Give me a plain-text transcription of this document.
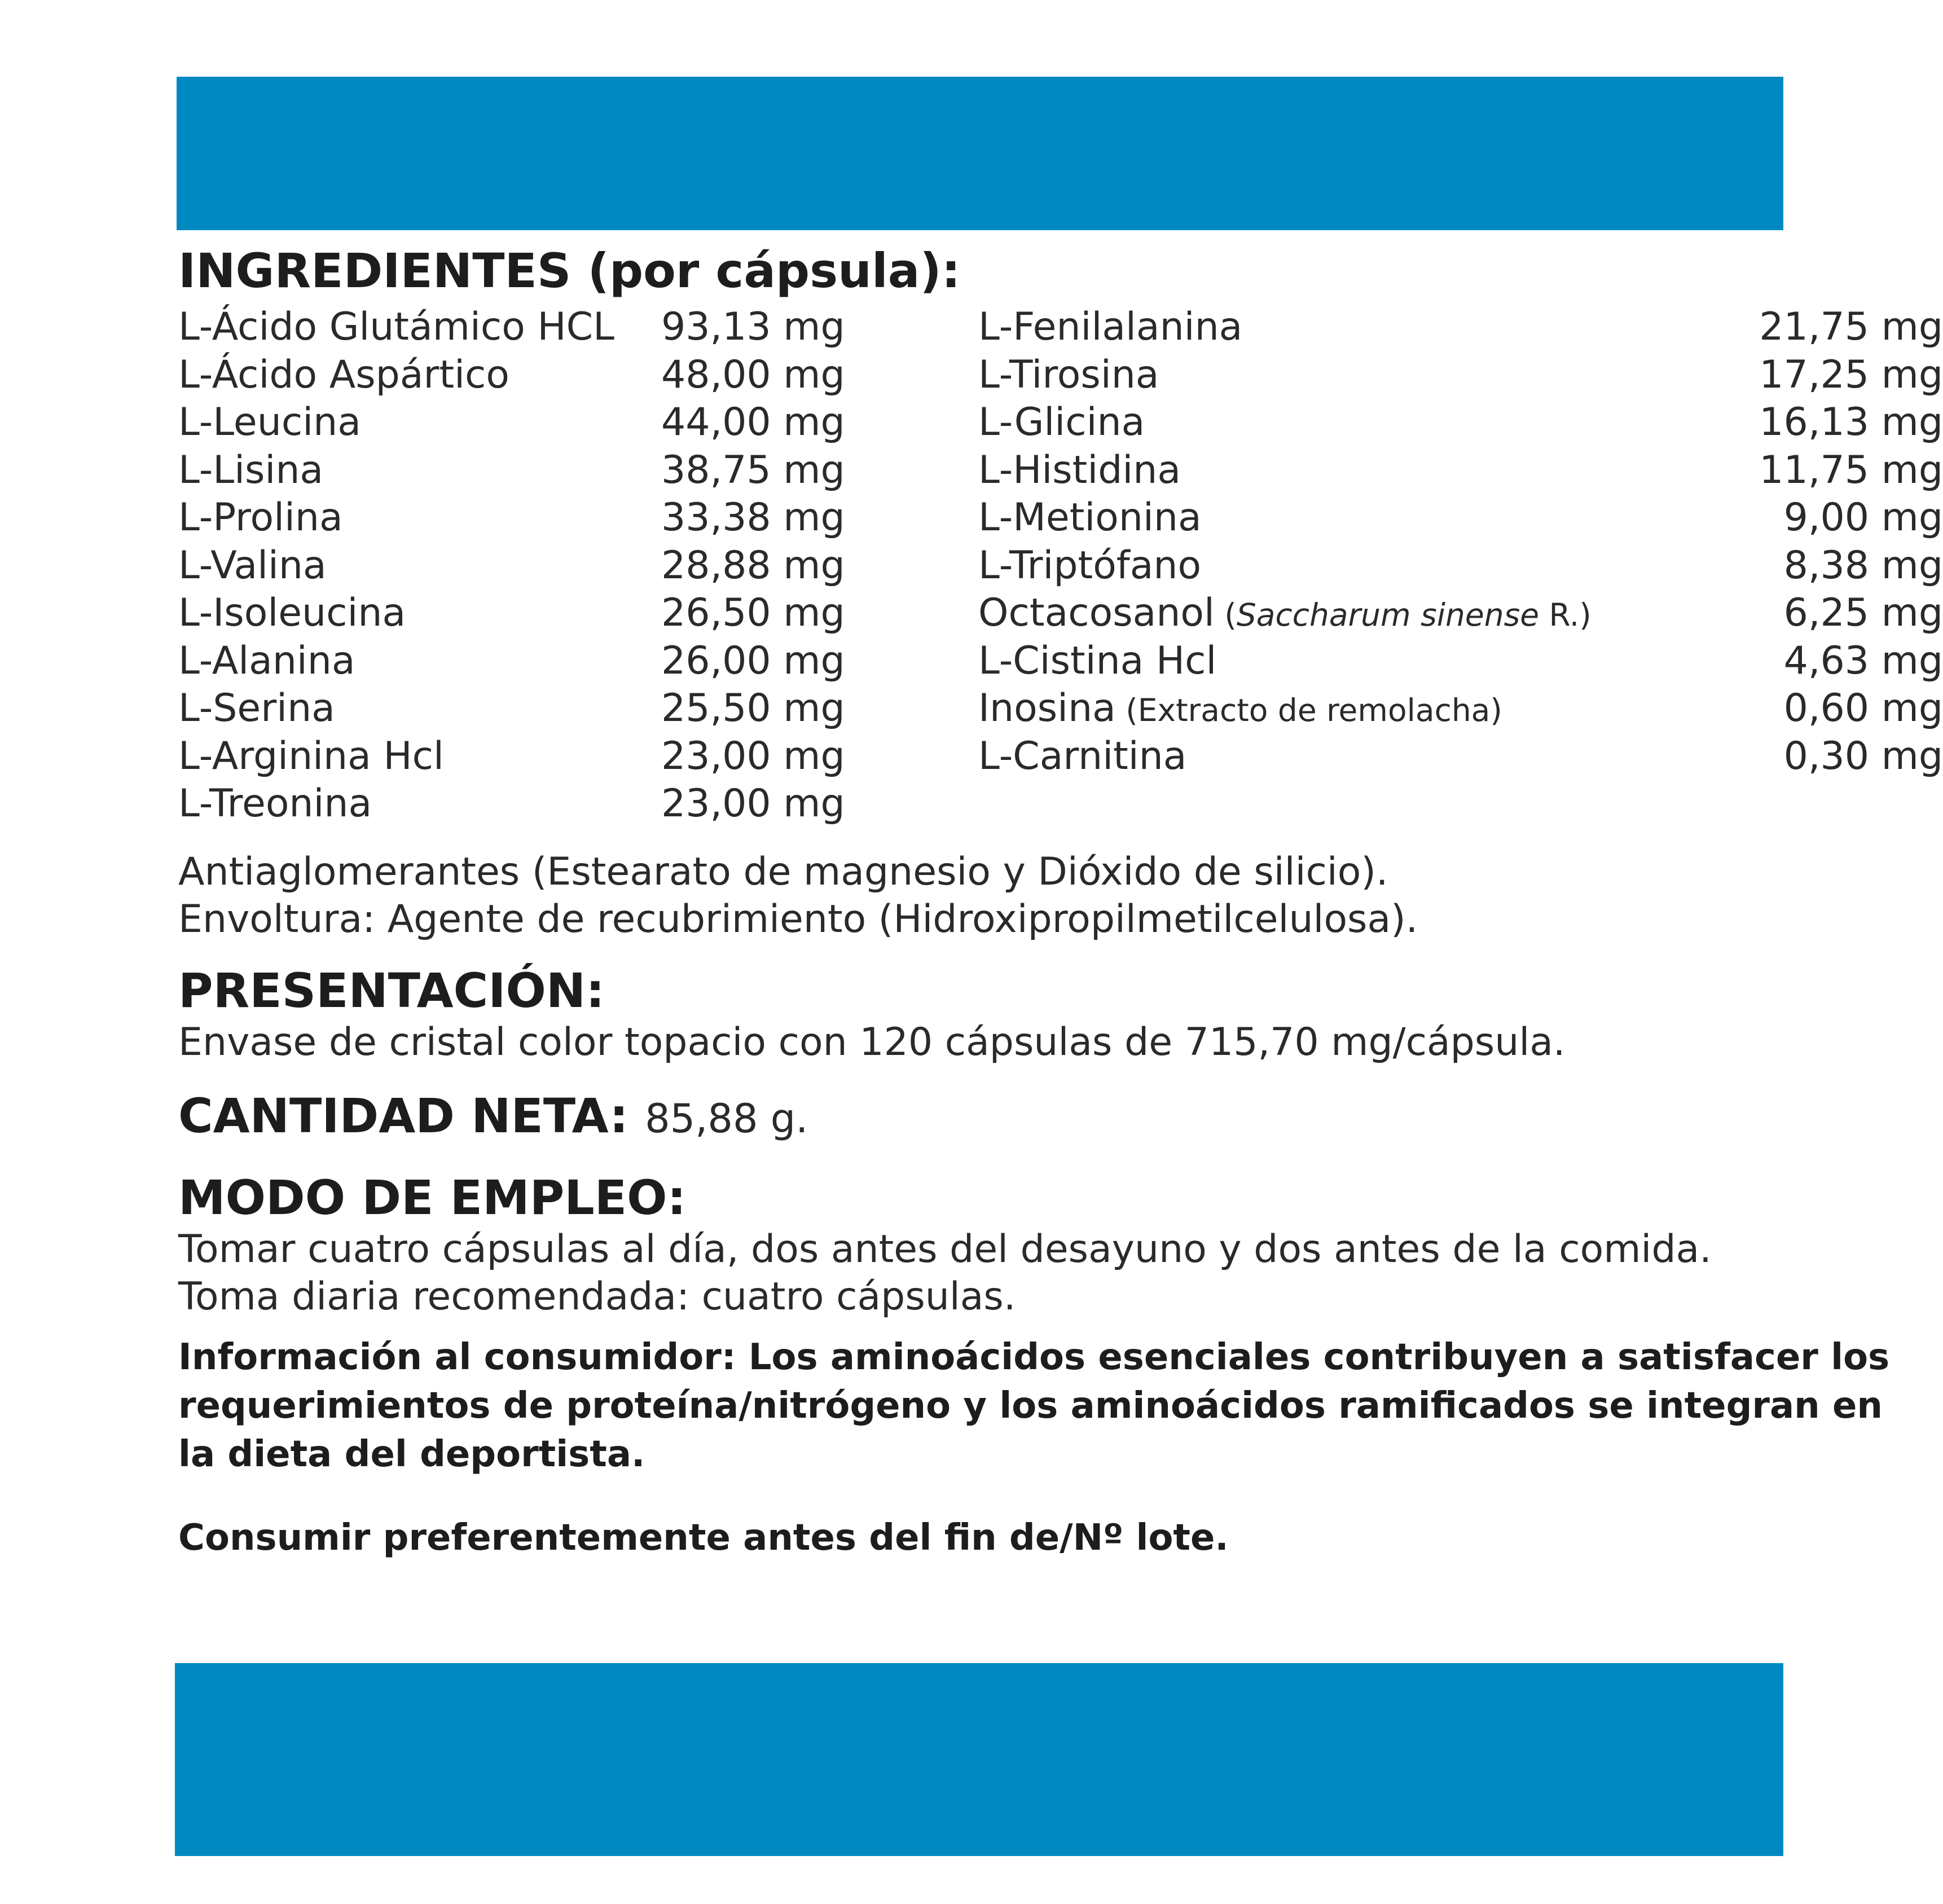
INGREDIENTES (por cápsula):
L-Ácido Glutámico HCL 93,13 mg
L-Ácido Aspártico	48,00 mg
L-Leucina	44,00 mg
L-Lisina	38,75 mg
L-Prolina	33,38 mg
L-Valina	28,88 mg
L-Isoleucina	26,50 mg
L-Alanina	26,00 mg
L-Serina	25,50 mg
L-Arginina Hcl	23,00 mg
L-Treonina	23,00 mg
L-Fenilalanina	21,75 mg
L-Tirosina	17,25 mg
L-Glicina	16,13 mg
L-Histidina	11,75 mg
L-Metionina	9,00 mg
L-Triptófano	8,38 mg
Octacosanol (Saccharum sinense R.)	6,25 mg
L-Cistina Hcl	4,63 mg
Inosina (Extracto de remolacha)	0,60 mg
L-Carnitina	0,30 mg

Antiaglomerantes (Estearato de magnesio y Dióxido de silicio).

Envoltura: Agente de recubrimiento (Hidroxipropilmetilcelulosa).

PRESENTACIÓN:

Envase de cristal color topacio con 120 cápsulas de 715,70 mg/cápsula.

CANTIDAD NETA: 85,88 g.
MODO DE EMPLEO:

Tomar cuatro cápsulas al día, dos antes del desayuno y dos antes de la comida.

Toma diaria recomendada: cuatro cápsulas.

Información al consumidor: Los aminoácidos esenciales contribuyen a satisfacer los

requerimientos de proteína/nitrógeno y los aminoácidos ramificados se integran en

la dieta del deportista.

Consumir preferentemente antes del fin de/Nº lote.
